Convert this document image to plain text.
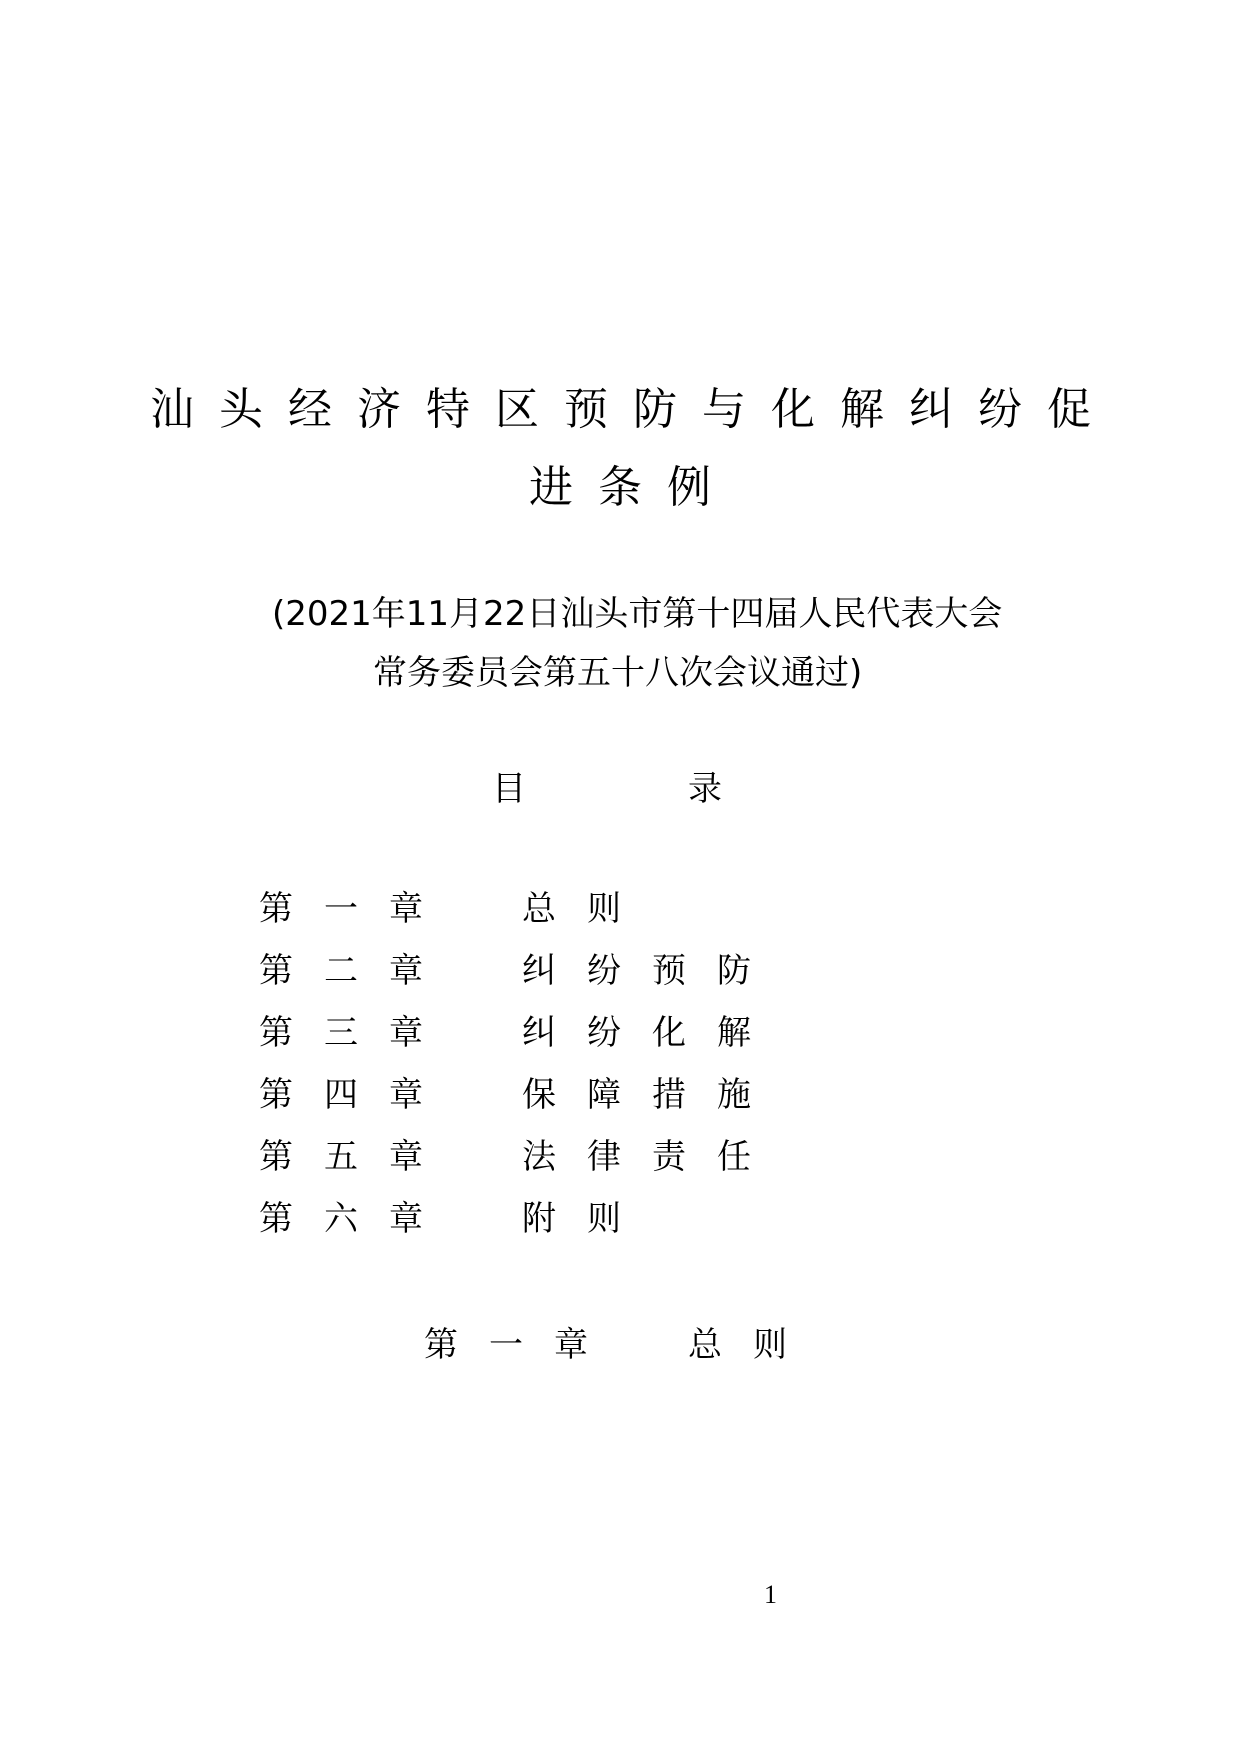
汕头经济特区预防与化解纠纷促
进条例
(2021年11月22日汕头市第十四届人民代表大会
常务委员会第五十八次会议通过)
目	录
第一章	总则
第二章	纠纷预防
第三章	纠纷化解
第四章	保障措施
第五章	法律责任
第六章	附则
第一章 总则
1
